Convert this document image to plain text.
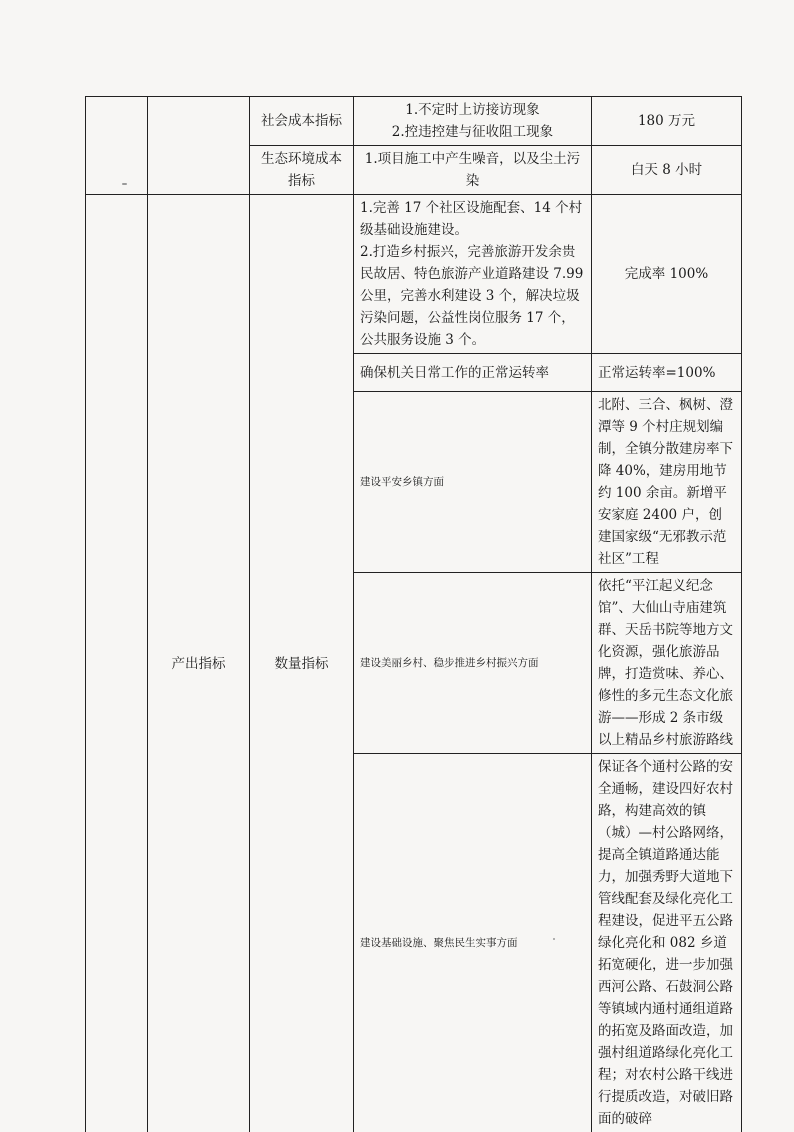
		社会成本指标	1.不定时上访接访现象
2.控违控建与征收阻工现象	180 万元
		生态环境成本指标	1.项目施工中产生噪音，以及尘土污染	白天 8 小时
	产出指标	数量指标	1.完善 17 个社区设施配套、14 个村级基础设施建设。
2.打造乡村振兴，完善旅游开发余贵民故居、特色旅游产业道路建设 7.99 公里，完善水利建设 3 个，解决垃圾污染问题，公益性岗位服务 17 个，公共服务设施 3 个。	完成率 100%
			确保机关日常工作的正常运转率	正常运转率=100%
			建设平安乡镇方面	北附、三合、枫树、澄潭等 9 个村庄规划编制，全镇分散建房率下降 40%，建房用地节约 100 余亩。新增平安家庭 2400 户，创建国家级“无邪教示范社区”工程
			建设美丽乡村、稳步推进乡村振兴方面	依托“平江起义纪念馆”、大仙山寺庙建筑群、天岳书院等地方文化资源，强化旅游品牌，打造赏味、养心、修性的多元生态文化旅游——形成 2 条市级以上精品乡村旅游路线
			建设基础设施、聚焦民生实事方面	保证各个通村公路的安全通畅，建设四好农村路，构建高效的镇（城）—村公路网络，提高全镇道路通达能力，加强秀野大道地下管线配套及绿化亮化工程建设，促进平五公路绿化亮化和 082 乡道拓宽硬化，进一步加强西河公路、石鼓洞公路等镇域内通村通组道路的拓宽及路面改造，加强村组道路绿化亮化工程；对农村公路干线进行提质改造，对破旧路面的破碎
